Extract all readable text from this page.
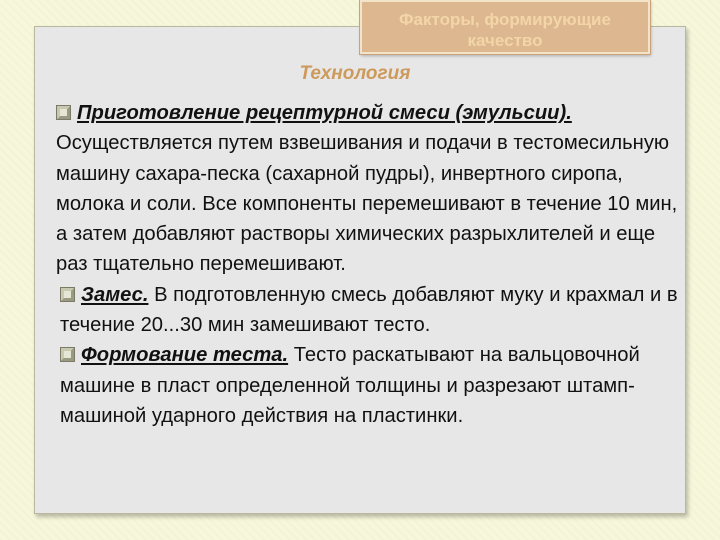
Факторы, формирующие качество
Технология

Приготовление рецептурной смеси (эмульсии).

Осуществляется путем взвешивания и подачи в тестомесильную машину сахара-песка (сахарной пудры), инвертного сиропа, молока и соли. Все компоненты перемешивают в течение 10 мин, а затем добавляют растворы химических разрыхлителей и еще раз тщательно перемешивают.

Замес. В подготовленную смесь добавляют муку и крахмал и в течение 20...30 мин замешивают тесто.

Формование теста. Тесто раскатывают на вальцовочной машине в пласт определенной толщины и разрезают штамп-машиной ударного действия на пластинки.
